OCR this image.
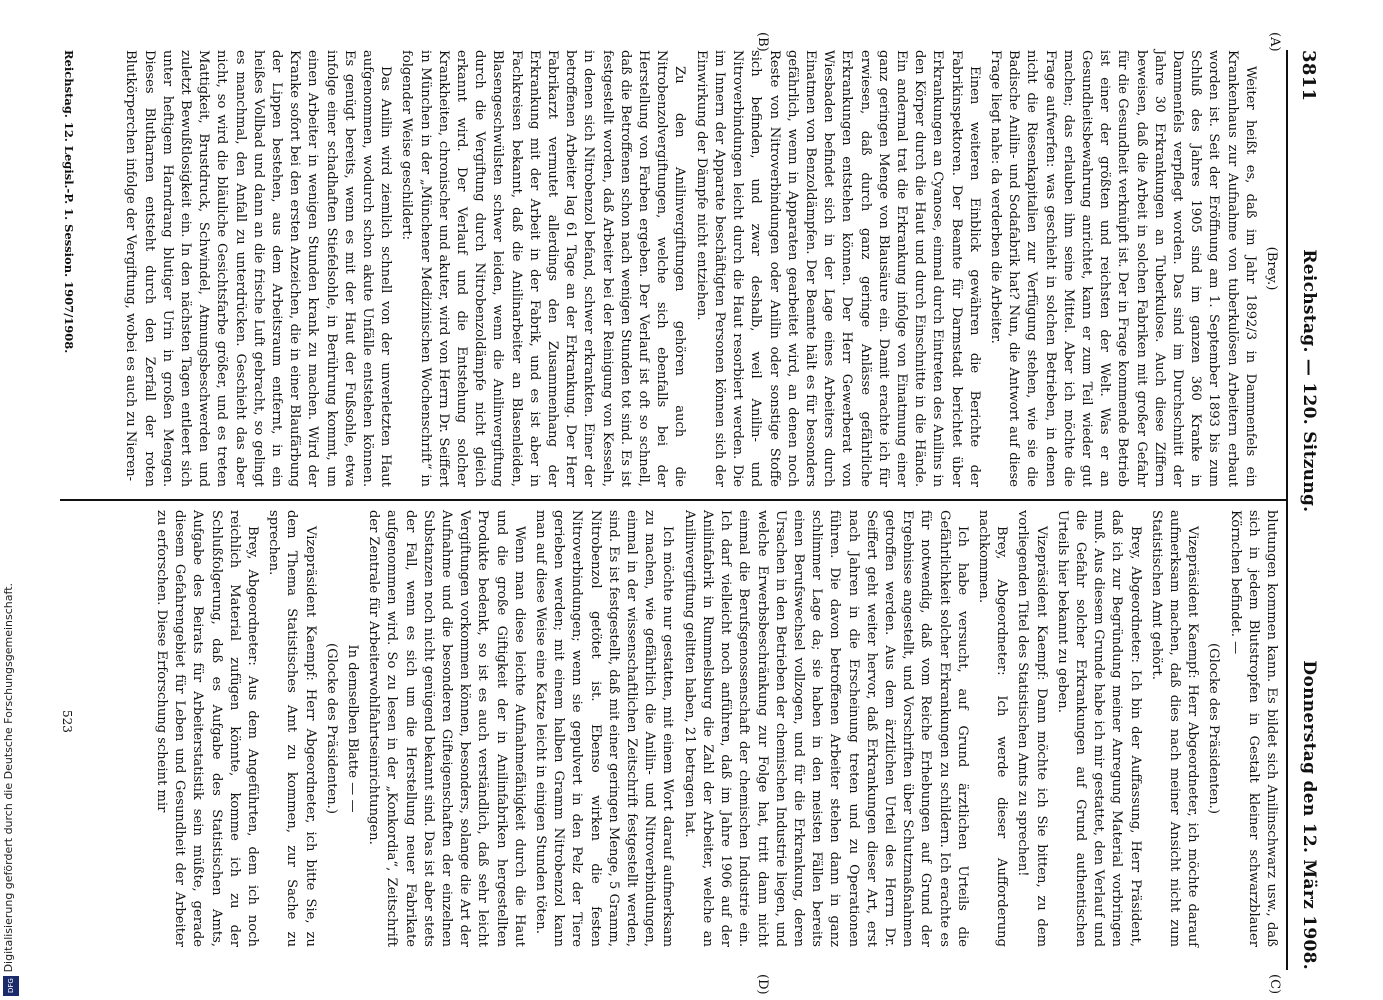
Digitalisierung gefördert durch die Deutsche Forschungsgemeinschaft.
DFG
3811
Reichstag. — 120. Sitzung.
Donnerstag den 12. März 1908.
(A)
(B)
(C)
(D)

(Brey.)

Weiter heißt es, daß im Jahr 1892/3 in Dammenfels ein Krankenhaus zur Aufnahme von tuberkulösen Arbeitern erbaut worden ist. Seit der Eröffnung am 1. September 1893 bis zum Schluß des Jahres 1905 sind im ganzen 360 Kranke in Dammenfels verpflegt worden. Das sind im Durchschnitt der Jahre 30 Erkrankungen an Tuberkulose. Auch diese Ziffern beweisen, daß die Arbeit in solchen Fabriken mit großer Gefahr für die Gesundheit verknüpft ist. Der in Frage kommende Betrieb ist einer der größten und reichsten der Welt. Was er an Gesundheitsbewahrung anrichtet, kann er zum Teil wieder gut machen; das erlauben ihm seine Mittel. Aber ich möchte die Frage aufwerfen: was geschieht in solchen Betrieben, in denen nicht die Riesenkapitalien zur Verfügung stehen, wie sie die Badische Anilin- und Sodafabrik hat? Nun, die Antwort auf diese Frage liegt nahe: da verderben die Arbeiter.

Einen weiteren Einblick gewähren die Berichte der Fabrikinspektoren. Der Beamte für Darmstadt berichtet über Erkrankungen an Cyanose, einmal durch Eintreten des Anilins in den Körper durch die Haut und durch Einschnitte in die Hände. Ein andermal trat die Erkrankung infolge von Einatmung einer ganz geringen Menge von Blausäure ein. Damit erachte ich für erwiesen, daß durch ganz geringe Anlässe gefährliche Erkrankungen entstehen können. Der Herr Gewerberat von Wiesbaden befindet sich in der Lage eines Arbeiters durch Einatmen von Benzoldämpfen. Der Beamte hält es für besonders gefährlich, wenn in Apparaten gearbeitet wird, an denen noch Reste von Nitroverbindungen oder Anilin oder sonstige Stoffe sich befinden, und zwar deshalb, weil Anilin- und Nitroverbindungen leicht durch die Haut resorbiert werden. Die im Innern der Apparate beschäftigten Personen können sich der Einwirkung der Dämpfe nicht entziehen.

Zu den Anilinvergiftungen gehören auch die Nitrobenzolvergiftungen, welche sich ebenfalls bei der Herstellung von Farben ergeben. Der Verlauf ist oft so schnell, daß die Betroffenen schon nach wenigen Stunden tot sind. Es ist festgestellt worden, daß Arbeiter bei der Reinigung von Kesseln, in denen sich Nitrobenzol befand, schwer erkrankten. Einer der betroffenen Arbeiter lag 61 Tage an der Erkrankung. Der Herr Fabrikarzt vermutet allerdings den Zusammenhang der Erkrankung mit der Arbeit in der Fabrik, und es ist aber in Fachkreisen bekannt, daß die Anilinarbeiter an Blasenleiden, Blasengeschwülsten schwer leiden, wenn die Anilinvergiftung durch die Vergiftung durch Nitrobenzoldämpfe nicht gleich erkannt wird. Der Verlauf und die Entstehung solcher Krankheiten, chronischer und akuter, wird von Herrn Dr. Seiffert in München in der „Münchener Medizinischen Wochenschrift“ in folgender Weise geschildert:

Das Anilin wird ziemlich schnell von der unverletzten Haut aufgenommen, wodurch schon akute Unfälle entstehen können. Es genügt bereits, wenn es mit der Haut der Fußsohle, etwa infolge einer schadhaften Stiefelsohle, in Berührung kommt, um einen Arbeiter in wenigen Stunden krank zu machen. Wird der Kranke sofort bei den ersten Anzeichen, die in einer Blaufärbung der Lippen bestehen, aus dem Arbeitsraum entfernt, in ein heißes Vollbad und dann an die frische Luft gebracht, so gelingt es manchmal, den Anfall zu unterdrücken. Geschieht das aber nicht, so wird die bläuliche Gesichtsfarbe größer, und es treten Mattigkeit, Brustdruck, Schwindel, Atmungsbeschwerden und zuletzt Bewußtlosigkeit ein. In den nächsten Tagen entleert sich unter heftigem Harndrang blutiger Urin in großen Mengen. Dieses Blutharnen entsteht durch den Zerfall der roten Blutkörperchen infolge der Vergiftung, wobei es auch zu Nieren-

Reichstag. 12. Legisl.-P. 1. Session. 1907/1908.

blutungen kommen kann. Es bildet sich Anilinschwarz usw., daß sich in jedem Blutstropfen in Gestalt kleiner schwarzblauer Körnchen befindet. —

(Glocke des Präsidenten.)

Vizepräsident Kaempf: Herr Abgeordneter, ich möchte darauf aufmerksam machen, daß dies nach meiner Ansicht nicht zum Statistischen Amt gehört.

Brey, Abgeordneter: Ich bin der Auffassung, Herr Präsident, daß ich zur Begründung meiner Anregung Material vorbringen muß. Aus diesem Grunde habe ich mir gestattet, den Verlauf und die Gefahr solcher Erkrankungen auf Grund authentischen Urteils hier bekannt zu geben.

Vizepräsident Kaempf: Dann möchte ich Sie bitten, zu dem vorliegenden Titel des Statistischen Amts zu sprechen!

Brey, Abgeordneter: Ich werde dieser Aufforderung nachkommen.

Ich habe versucht, auf Grund ärztlichen Urteils die Gefährlichkeit solcher Erkrankungen zu schildern. Ich erachte es für notwendig, daß vom Reiche Erhebungen auf Grund der Ergebnisse angestellt, und Vorschriften über Schutzmaßnahmen getroffen werden. Aus dem ärztlichen Urteil des Herrn Dr. Seiffert geht weiter hervor, daß Erkrankungen dieser Art, erst nach Jahren in die Erscheinung treten und zu Operationen führen. Die davon betroffenen Arbeiter stehen dann in ganz schlimmer Lage da; sie haben in den meisten Fällen bereits einen Berufswechsel vollzogen, und für die Erkrankung, deren Ursachen in den Betrieben der chemischen Industrie liegen, und welche Erwerbsbeschränkung zur Folge hat, tritt dann nicht einmal die Berufsgenossenschaft der chemischen Industrie ein. Ich darf vielleicht noch anführen, daß im Jahre 1906 auf der Anilinfabrik in Rummelsburg die Zahl der Arbeiter, welche an Anilinvergiftung gelitten haben, 21 betragen hat.

Ich möchte nur gestatten, mit einem Wort darauf aufmerksam zu machen, wie gefährlich die Anilin- und Nitroverbindungen, einmal in der wissenschaftlichen Zeitschrift festgestellt werden, sind. Es ist festgestellt, daß mit einer geringen Menge, 5 Gramm, Nitrobenzol getötet ist. Ebenso wirken die festen Nitroverbindungen; wenn sie gepulvert in den Pelz der Tiere gerieben werden; mit einem halben Gramm Nitrobenzol kann man auf diese Weise eine Katze leicht in einigen Stunden töten.

Wenn man diese leichte Aufnahmefähigkeit durch die Haut und die große Giftigkeit der in Anilinfabriken hergestellten Produkte bedenkt, so ist es auch verständlich, daß sehr leicht Vergiftungen vorkommen können, besonders, solange die Art der Aufnahme und die besonderen Gifteigenschaften der einzelnen Substanzen noch nicht genügend bekannt sind. Das ist aber stets der Fall, wenn es sich um die Herstellung neuer Fabrikate aufgenommen wird. So zu lesen in der „Konkordia“, Zeitschrift der Zentrale für Arbeiterwohlfahrtseinrichtungen.

In demselben Blatte — —

(Glocke des Präsidenten.)

Vizepräsident Kaempf: Herr Abgeordneter, ich bitte Sie, zu dem Thema Statistisches Amt zu kommen, zur Sache zu sprechen.

Brey, Abgeordneter: Aus dem Angeführten, dem ich noch reichlich Material zufügen könnte, komme ich zu der Schlußfolgerung, daß es Aufgabe des Statistischen Amts, Aufgabe des Beirats für Arbeiterstatistik sein müßte, gerade diesem Gefahrengebiet für Leben und Gesundheit der Arbeiter zu erforschen. Diese Erforschung scheint mir

523
